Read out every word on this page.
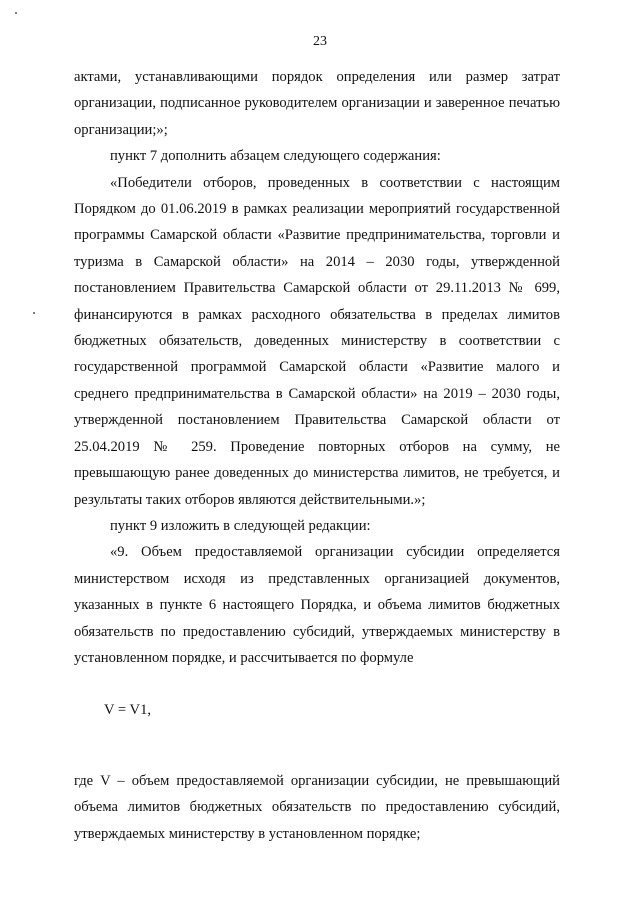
23

актами, устанавливающими порядок определения или размер затрат организации, подписанное руководителем организации и заверенное печатью организации;»;

пункт 7 дополнить абзацем следующего содержания:

«Победители отборов, проведенных в соответствии с настоящим Порядком до 01.06.2019 в рамках реализации мероприятий государственной программы Самарской области «Развитие предпринимательства, торговли и туризма в Самарской области» на 2014 – 2030 годы, утвержденной постановлением Правительства Самарской области от 29.11.2013 № 699, финансируются в рамках расходного обязательства в пределах лимитов бюджетных обязательств, доведенных министерству в соответствии с государственной программой Самарской области «Развитие малого и среднего предпринимательства в Самарской области» на 2019 – 2030 годы, утвержденной постановлением Правительства Самарской области от 25.04.2019 № 259. Проведение повторных отборов на сумму, не превышающую ранее доведенных до министерства лимитов, не требуется, и результаты таких отборов являются действительными.»;

пункт 9 изложить в следующей редакции:

«9. Объем предоставляемой организации субсидии определяется министерством исходя из представленных организацией документов, указанных в пункте 6 настоящего Порядка, и объема лимитов бюджетных обязательств по предоставлению субсидий, утверждаемых министерству в установленном порядке, и рассчитывается по формуле

V = V1,

где V – объем предоставляемой организации субсидии, не превышающий объема лимитов бюджетных обязательств по предоставлению субсидий, утверждаемых министерству в установленном порядке;
